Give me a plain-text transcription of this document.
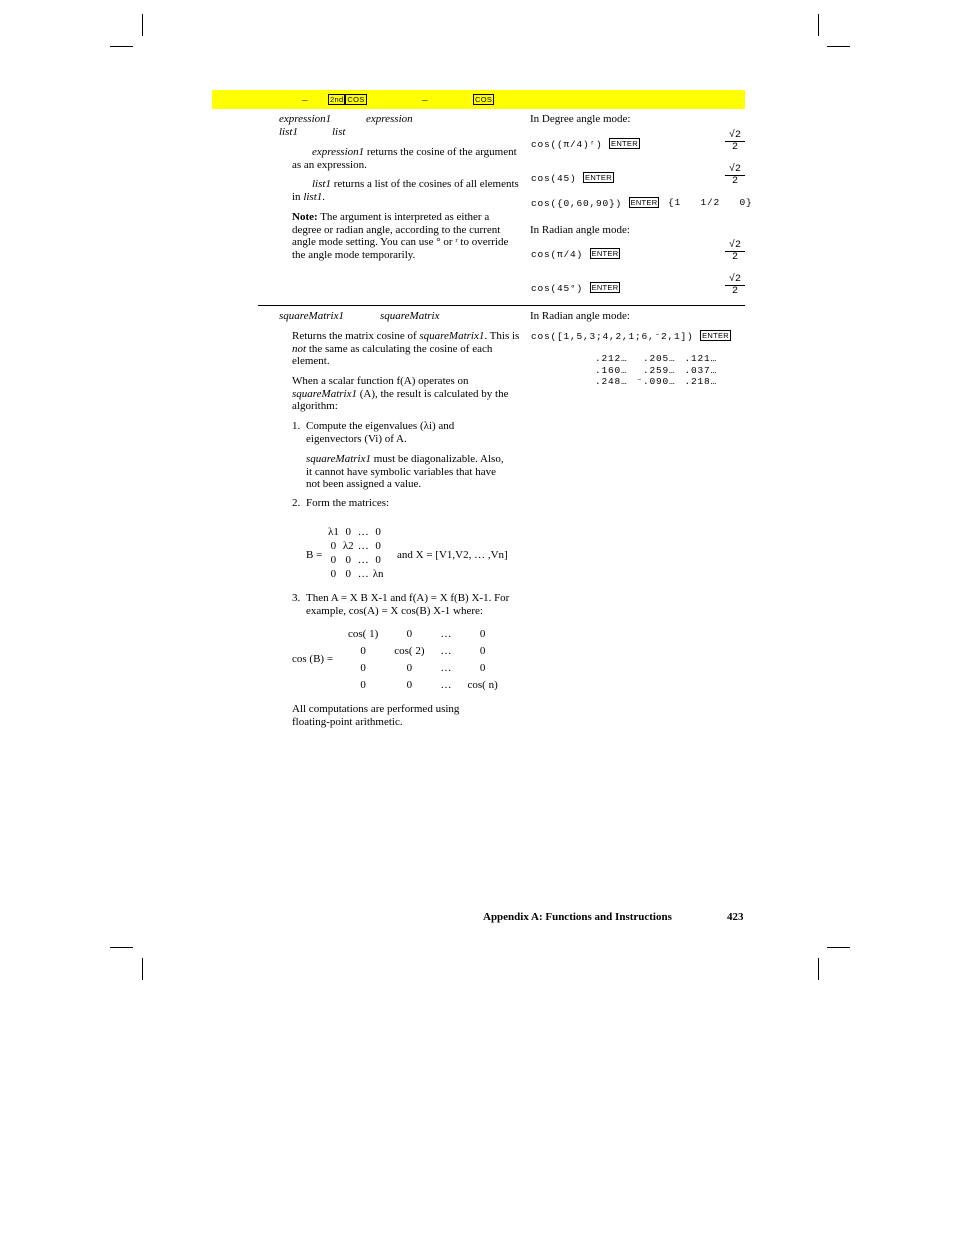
–	2nd COS	–	COS
expression1	expression
list1	list
expression1 returns the cosine of the argument as an expression.
list1 returns a list of the cosines of all elements in list1.
Note: The argument is interpreted as either a degree or radian angle, according to the current angle mode setting. You can use ° or ʳ to override the angle mode temporarily.
In Degree angle mode:
cos((π/4)ʳ) ENTER	$\frac{√2}{2}$
cos(45) ENTER	$\frac{√2}{2}$
cos({0,60,90}) ENTER {1   1/2   0}
In Radian angle mode:
cos(π/4) ENTER	$\frac{√2}{2}$
cos(45°) ENTER	$\frac{√2}{2}$
squareMatrix1	squareMatrix
Returns the matrix cosine of squareMatrix1. This is not the same as calculating the cosine of each element.
When a scalar function f(A) operates on squareMatrix1 (A), the result is calculated by the algorithm:
1. Compute the eigenvalues (λi) and eigenvectors (Vi) of A.
squareMatrix1 must be diagonalizable. Also, it cannot have symbolic variables that have not been assigned a value.
2. Form the matrices:
B =
λ1	0	…	0
0	λ2	…	0
0	0	…	0
0	0	…	λn
and X = [V1,V2, … ,Vn]
3. Then A = X B X-1 and f(A) = X f(B) X-1. For example, cos(A) = X cos(B) X-1 where:
cos (B) =
cos( 1)	0	…	0
0	cos( 2)	…	0
0	0	…	0
0	0	…	cos( n)
All computations are performed using floating-point arithmetic.
In Radian angle mode:
cos([1,5,3;4,2,1;6,⁻2,1]) ENTER
.212…	.205…	.121…
.160…	.259…	.037…
.248…	⁻.090…	.218…
Appendix A: Functions and Instructions	423
